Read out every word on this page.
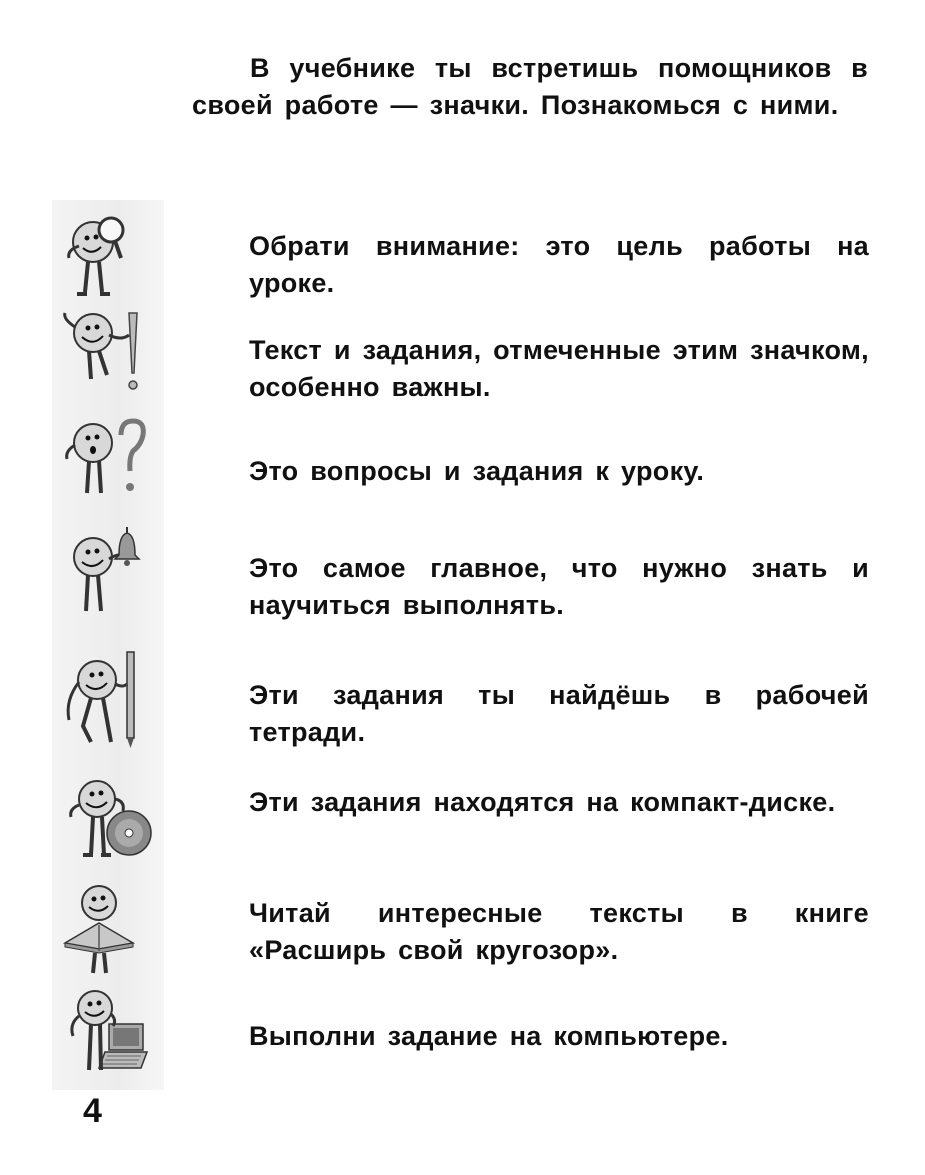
В учебнике ты встретишь помощников в своей работе — значки. Познакомься с ними.
Обрати внимание: это цель работы на уроке.
Текст и задания, отмеченные этим значком, особенно важны.
Это вопросы и задания к уроку.
Это самое главное, что нужно знать и научиться выполнять.
Эти задания ты найдёшь в рабочей тетради.
Эти задания находятся на компакт-диске.
Читай интересные тексты в книге «Расширь свой кругозор».
Выполни задание на компьютере.
4
